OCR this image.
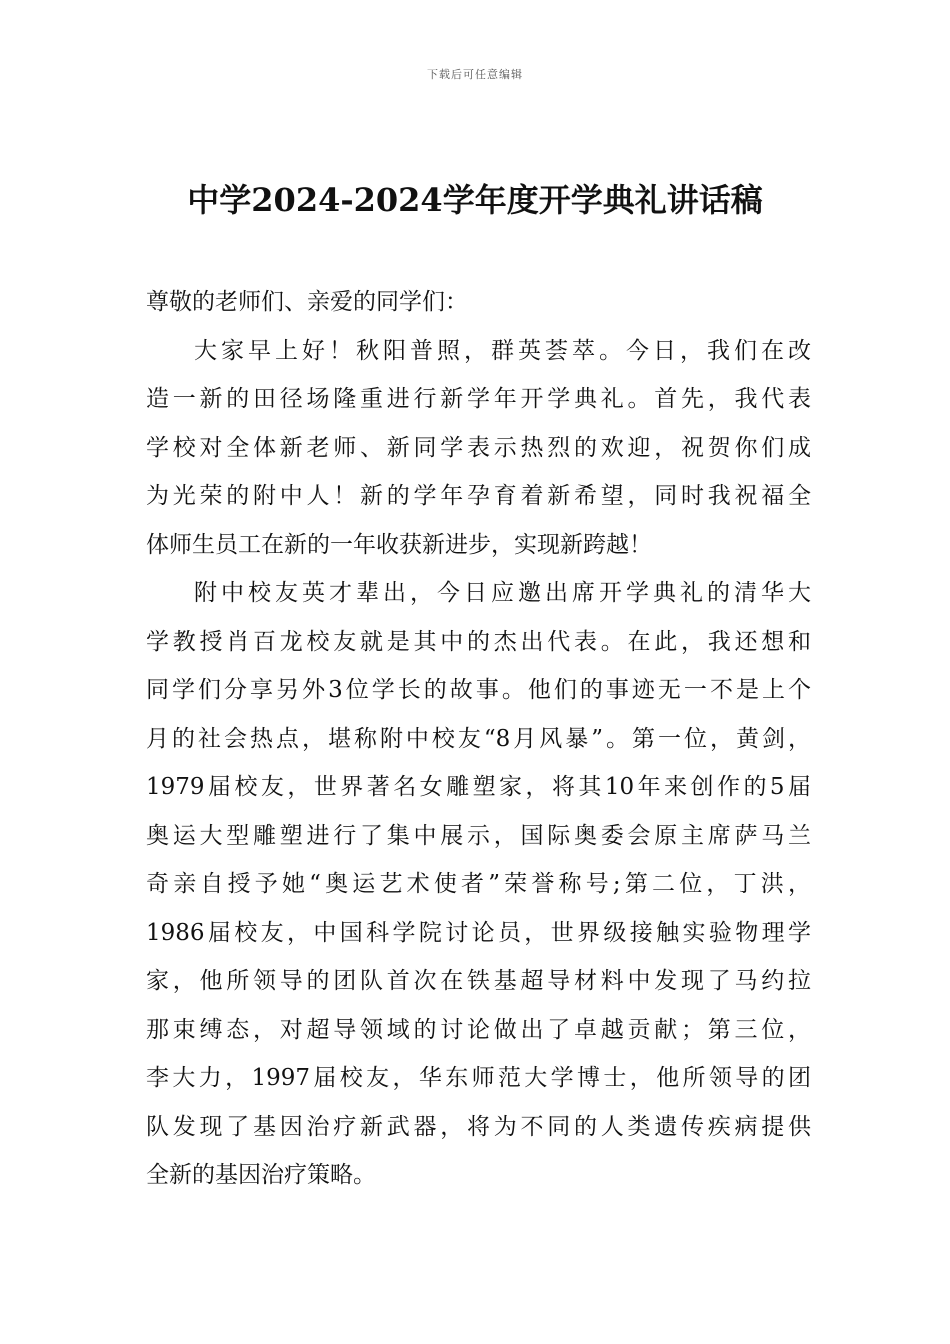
下载后可任意编辑
中学2024-2024学年度开学典礼讲话稿

尊敬的老师们、亲爱的同学们：

大家早上好！秋阳普照，群英荟萃。今日，我们在改
造一新的田径场隆重进行新学年开学典礼。首先，我代表
学校对全体新老师、新同学表示热烈的欢迎，祝贺你们成
为光荣的附中人！新的学年孕育着新希望，同时我祝福全
体师生员工在新的一年收获新进步，实现新跨越！

附中校友英才辈出，今日应邀出席开学典礼的清华大
学教授肖百龙校友就是其中的杰出代表。在此，我还想和
同学们分享另外3位学长的故事。他们的事迹无一不是上个
月的社会热点，堪称附中校友“8月风暴”。第一位，黄剑，
1979届校友，世界著名女雕塑家，将其10年来创作的5届
奥运大型雕塑进行了集中展示，国际奥委会原主席萨马兰
奇亲自授予她“奥运艺术使者”荣誉称号;第二位，丁洪，
1986届校友，中国科学院讨论员，世界级接触实验物理学
家，他所领导的团队首次在铁基超导材料中发现了马约拉
那束缚态，对超导领域的讨论做出了卓越贡献；第三位，
李大力，1997届校友，华东师范大学博士，他所领导的团
队发现了基因治疗新武器，将为不同的人类遗传疾病提供
全新的基因治疗策略。
